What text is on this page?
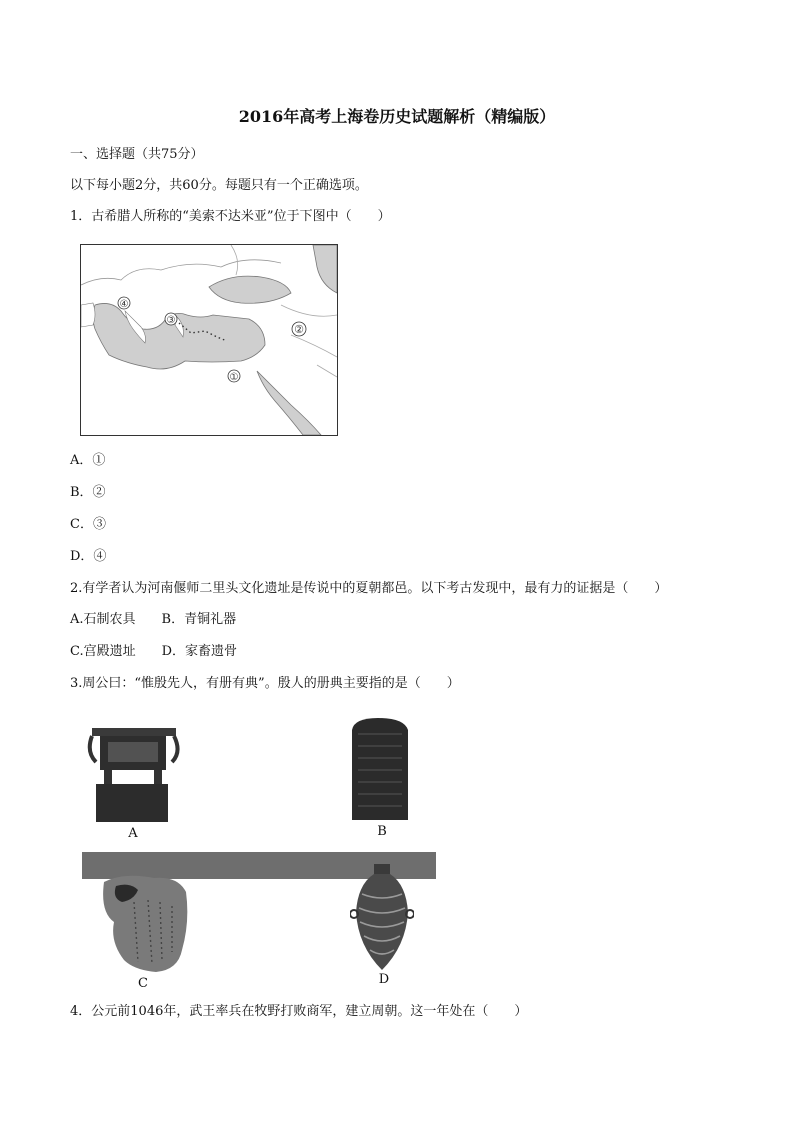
2016年高考上海卷历史试题解析（精编版）
一、选择题（共75分）
以下每小题2分，共60分。每题只有一个正确选项。
1．古希腊人所称的“美索不达米亚”位于下图中（　　）
①
②
③
④
A．①
B．②
C．③
D．④
2.有学者认为河南偃师二里头文化遗址是传说中的夏朝都邑。以下考古发现中，最有力的证据是（　　）
A.石制农具　　B．青铜礼器
C.宫殿遗址　　D．家畜遗骨
3.周公曰：“惟殷先人，有册有典”。殷人的册典主要指的是（　　）
A	B
C	D
4．公元前1046年，武王率兵在牧野打败商军，建立周朝。这一年处在（　　）
